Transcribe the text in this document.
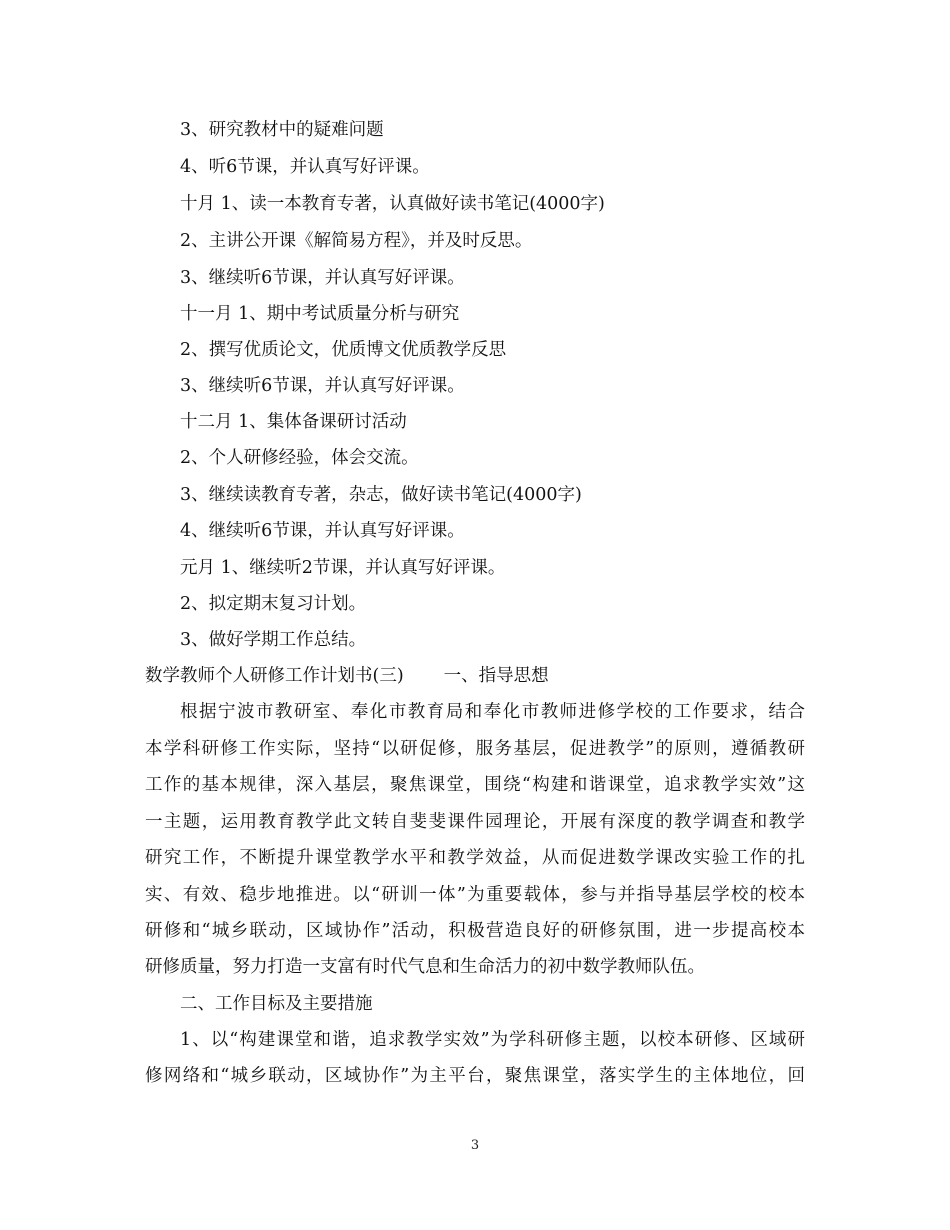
3、研究教材中的疑难问题
4、听6节课，并认真写好评课。
十月 1、读一本教育专著，认真做好读书笔记(4000字)
2、主讲公开课《解简易方程》，并及时反思。
3、继续听6节课，并认真写好评课。
十一月 1、期中考试质量分析与研究
2、撰写优质论文，优质博文优质教学反思
3、继续听6节课，并认真写好评课。
十二月 1、集体备课研讨活动
2、个人研修经验，体会交流。
3、继续读教育专著，杂志，做好读书笔记(4000字)
4、继续听6节课，并认真写好评课。
元月 1、继续听2节课，并认真写好评课。
2、拟定期末复习计划。
3、做好学期工作总结。
数学教师个人研修工作计划书(三) 一、指导思想
根据宁波市教研室、奉化市教育局和奉化市教师进修学校的工作要求，结合
本学科研修工作实际，坚持“以研促修，服务基层，促进教学”的原则，遵循教研
工作的基本规律，深入基层，聚焦课堂，围绕“构建和谐课堂，追求教学实效”这
一主题，运用教育教学此文转自斐斐课件园理论，开展有深度的教学调查和教学
研究工作，不断提升课堂教学水平和教学效益，从而促进数学课改实验工作的扎
实、有效、稳步地推进。以“研训一体”为重要载体，参与并指导基层学校的校本
研修和“城乡联动，区域协作”活动，积极营造良好的研修氛围，进一步提高校本
研修质量，努力打造一支富有时代气息和生命活力的初中数学教师队伍。
二、工作目标及主要措施
1、以“构建课堂和谐，追求教学实效”为学科研修主题，以校本研修、区域研
修网络和“城乡联动，区域协作”为主平台，聚焦课堂，落实学生的主体地位，回
3
